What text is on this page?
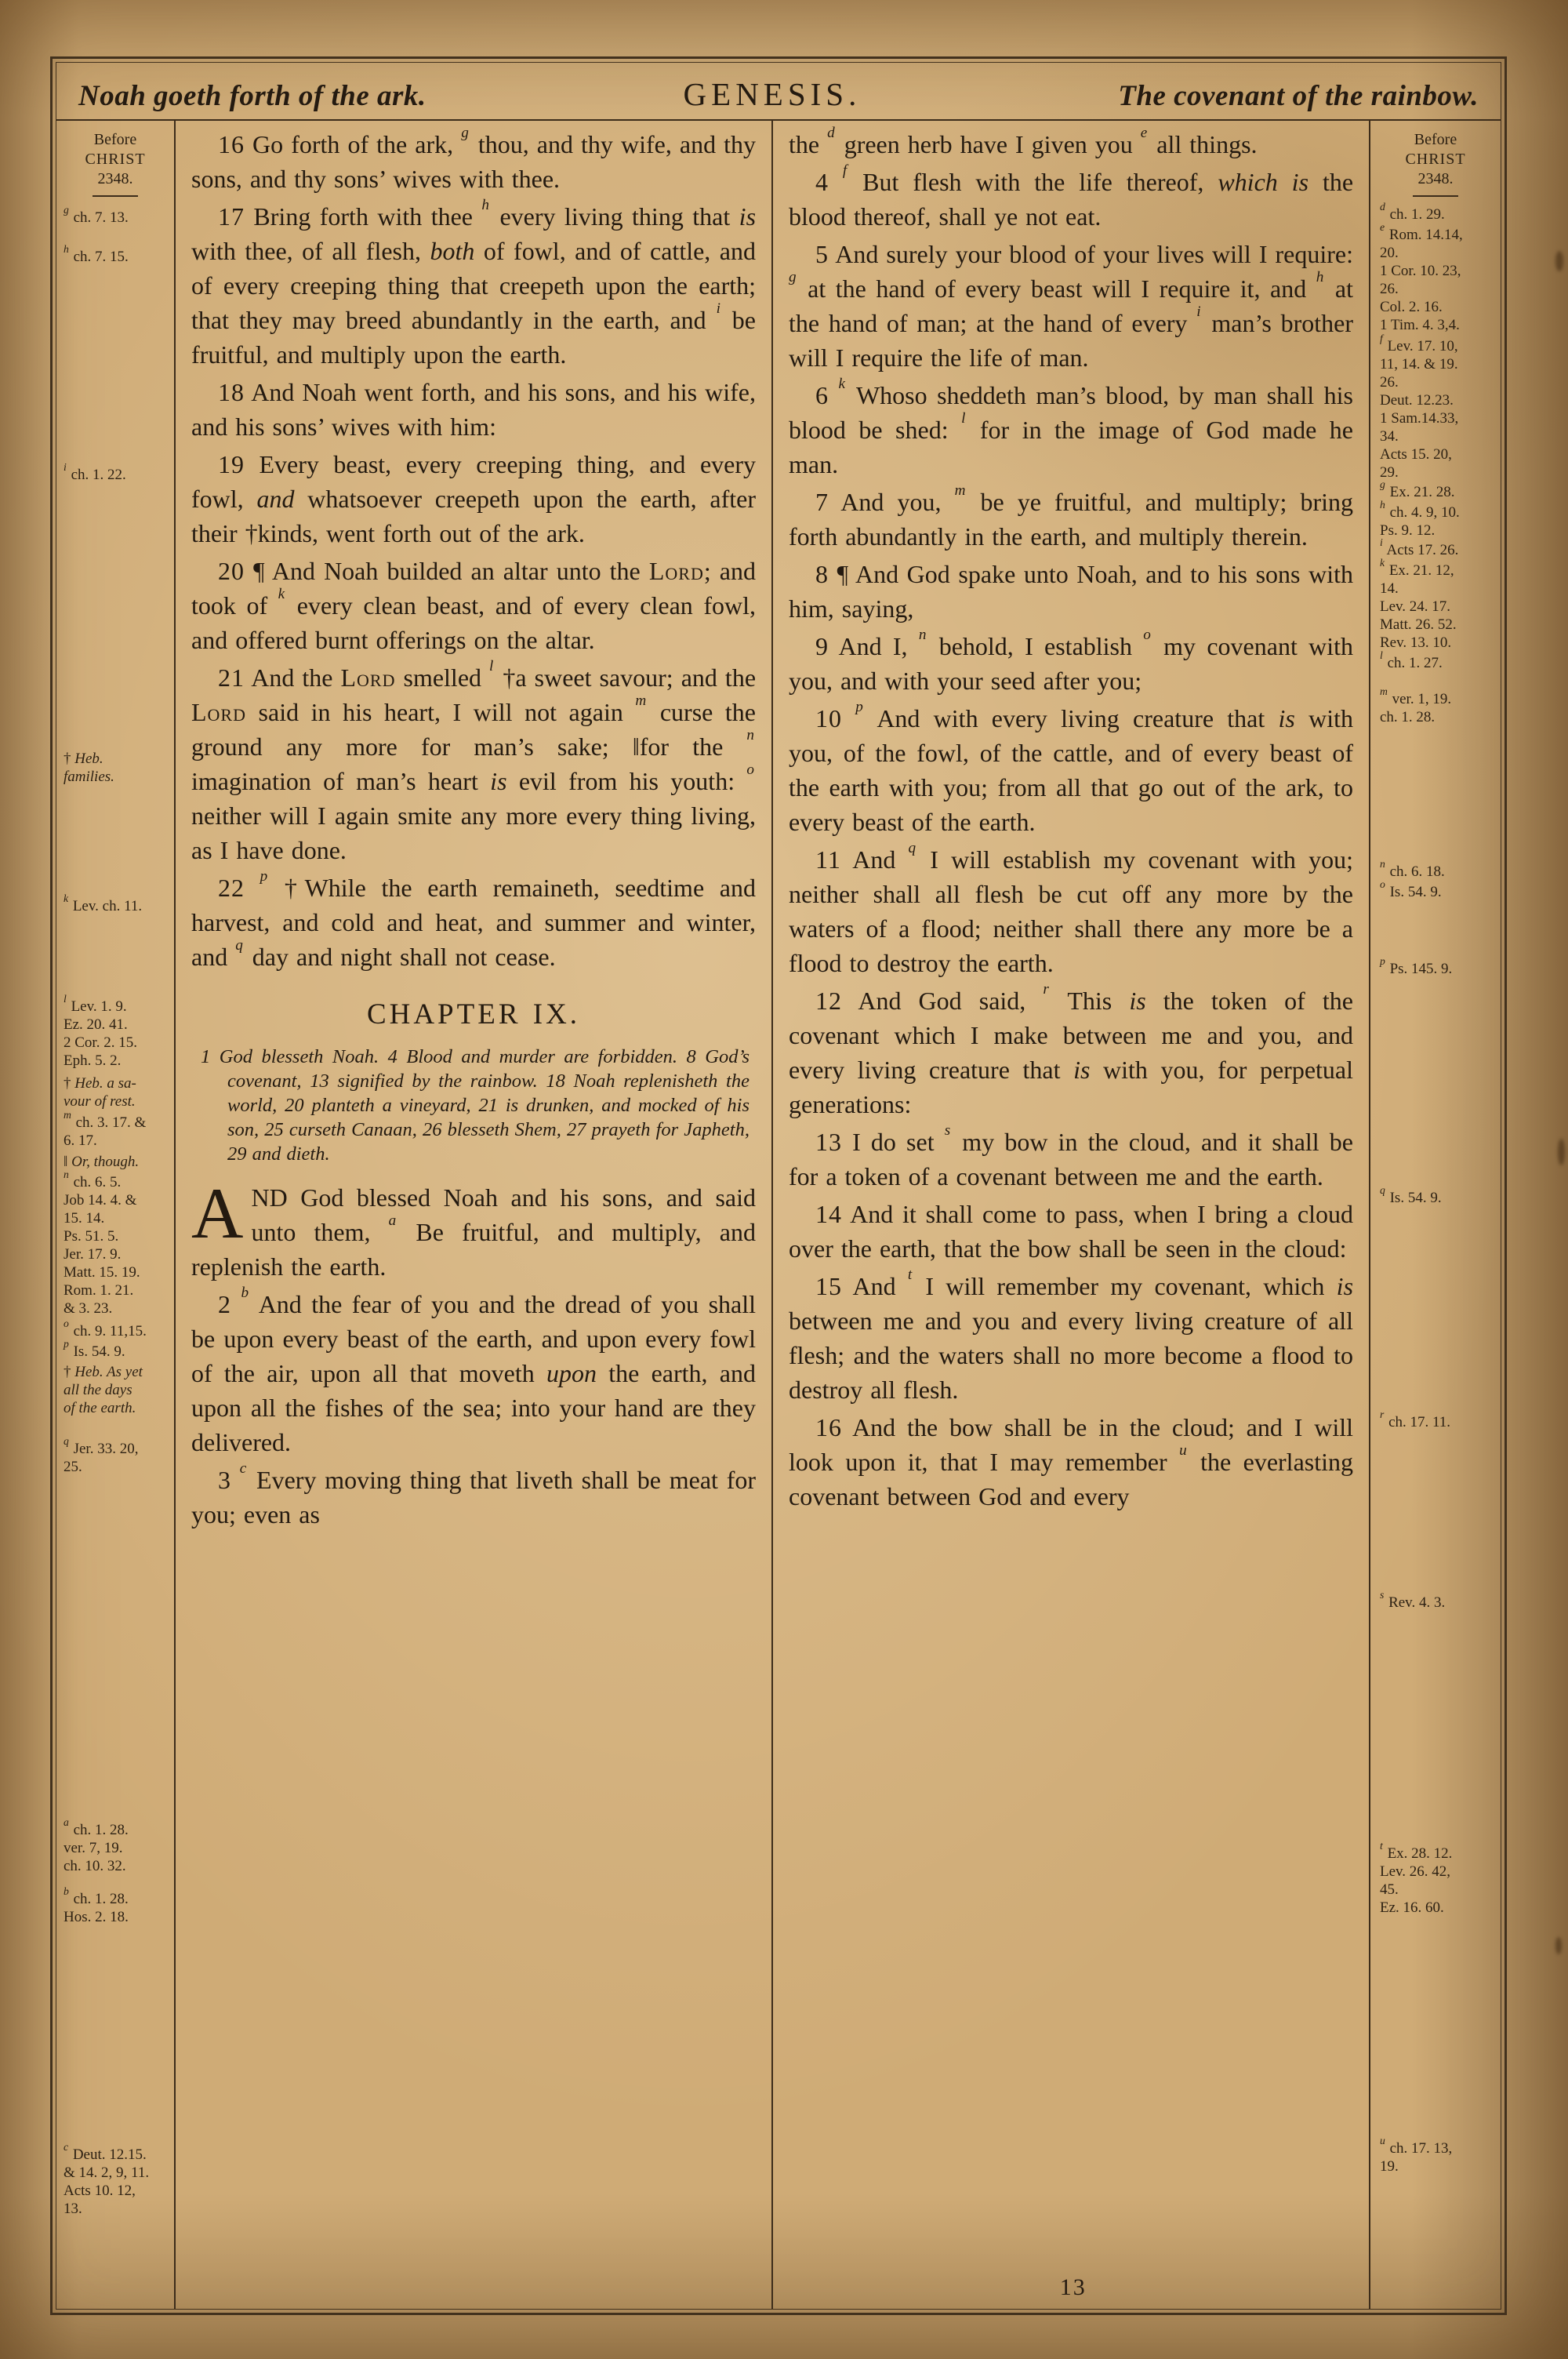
Noah goeth forth of the ark.	GENESIS.	The covenant of the rainbow.
Before
CHRIST
2348.
$^g$ ch. 7. 13.
$^h$ ch. 7. 15.
$^i$ ch. 1. 22.
† Heb.
families.
$^k$ Lev. ch. 11.
$^l$ Lev. 1. 9.
Ez. 20. 41.
2 Cor. 2. 15.
Eph. 5. 2.
† Heb. a sa-
vour of rest.
$^m$ ch. 3. 17. &
6. 17.
‖ Or, though.
$^n$ ch. 6. 5.
Job 14. 4. &
15. 14.
Ps. 51. 5.
Jer. 17. 9.
Matt. 15. 19.
Rom. 1. 21.
& 3. 23.
$^o$ ch. 9. 11,15.
$^p$ Is. 54. 9.
† Heb. As yet
all the days
of the earth.
$^q$ Jer. 33. 20,
25.
$^a$ ch. 1. 28.
ver. 7, 19.
ch. 10. 32.
$^b$ ch. 1. 28.
Hos. 2. 18.
$^c$ Deut. 12.15.
& 14. 2, 9, 11.
Acts 10. 12,
13.

16 Go forth of the ark, $^g$ thou, and thy wife, and thy sons, and thy sons’ wives with thee.

17 Bring forth with thee $^h$ every living thing that is with thee, of all flesh, both of fowl, and of cattle, and of every creeping thing that creepeth upon the earth; that they may breed abundantly in the earth, and $^i$ be fruitful, and multiply upon the earth.

18 And Noah went forth, and his sons, and his wife, and his sons’ wives with him:

19 Every beast, every creeping thing, and every fowl, and whatsoever creepeth upon the earth, after their †kinds, went forth out of the ark.

20 ¶ And Noah builded an altar unto the Lord; and took of $^k$ every clean beast, and of every clean fowl, and offered burnt offerings on the altar.

21 And the Lord smelled $^l$ †a sweet savour; and the Lord said in his heart, I will not again $^m$ curse the ground any more for man’s sake; ‖for the $^n$ imagination of man’s heart is evil from his youth: $^o$ neither will I again smite any more every thing living, as I have done.

22 $^p$ †While the earth remaineth, seedtime and harvest, and cold and heat, and summer and winter, and $^q$ day and night shall not cease.

CHAPTER IX.

1 God blesseth Noah. 4 Blood and murder are forbidden. 8 God’s covenant, 13 signified by the rainbow. 18 Noah replenisheth the world, 20 planteth a vineyard, 21 is drunken, and mocked of his son, 25 curseth Canaan, 26 blesseth Shem, 27 prayeth for Japheth, 29 and dieth.

AND God blessed Noah and his sons, and said unto them, $^a$ Be fruitful, and multiply, and replenish the earth.

2 $^b$ And the fear of you and the dread of you shall be upon every beast of the earth, and upon every fowl of the air, upon all that moveth upon the earth, and upon all the fishes of the sea; into your hand are they delivered.

3 $^c$ Every moving thing that liveth shall be meat for you; even as

the $^d$ green herb have I given you $^e$ all things.

4 $^f$ But flesh with the life thereof, which is the blood thereof, shall ye not eat.

5 And surely your blood of your lives will I require: $^g$ at the hand of every beast will I require it, and $^h$ at the hand of man; at the hand of every $^i$ man’s brother will I require the life of man.

6 $^k$ Whoso sheddeth man’s blood, by man shall his blood be shed: $^l$ for in the image of God made he man.

7 And you, $^m$ be ye fruitful, and multiply; bring forth abundantly in the earth, and multiply therein.

8 ¶ And God spake unto Noah, and to his sons with him, saying,

9 And I, $^n$ behold, I establish $^o$ my covenant with you, and with your seed after you;

10 $^p$ And with every living creature that is with you, of the fowl, of the cattle, and of every beast of the earth with you; from all that go out of the ark, to every beast of the earth.

11 And $^q$ I will establish my covenant with you; neither shall all flesh be cut off any more by the waters of a flood; neither shall there any more be a flood to destroy the earth.

12 And God said, $^r$ This is the token of the covenant which I make between me and you, and every living creature that is with you, for perpetual generations:

13 I do set $^s$ my bow in the cloud, and it shall be for a token of a covenant between me and the earth.

14 And it shall come to pass, when I bring a cloud over the earth, that the bow shall be seen in the cloud:

15 And $^t$ I will remember my covenant, which is between me and you and every living creature of all flesh; and the waters shall no more become a flood to destroy all flesh.

16 And the bow shall be in the cloud; and I will look upon it, that I may remember $^u$ the everlasting covenant between God and every

Before
CHRIST
2348.
$^d$ ch. 1. 29.
$^e$ Rom. 14.14,
20.
1 Cor. 10. 23,
26.
Col. 2. 16.
1 Tim. 4. 3,4.
$^f$ Lev. 17. 10,
11, 14. & 19.
26.
Deut. 12.23.
1 Sam.14.33,
34.
Acts 15. 20,
29.
$^g$ Ex. 21. 28.
$^h$ ch. 4. 9, 10.
Ps. 9. 12.
$^i$ Acts 17. 26.
$^k$ Ex. 21. 12,
14.
Lev. 24. 17.
Matt. 26. 52.
Rev. 13. 10.
$^l$ ch. 1. 27.
$^m$ ver. 1, 19.
ch. 1. 28.
$^n$ ch. 6. 18.
$^o$ Is. 54. 9.
$^p$ Ps. 145. 9.
$^q$ Is. 54. 9.
$^r$ ch. 17. 11.
$^s$ Rev. 4. 3.
$^t$ Ex. 28. 12.
Lev. 26. 42,
45.
Ez. 16. 60.
$^u$ ch. 17. 13,
19.
13
